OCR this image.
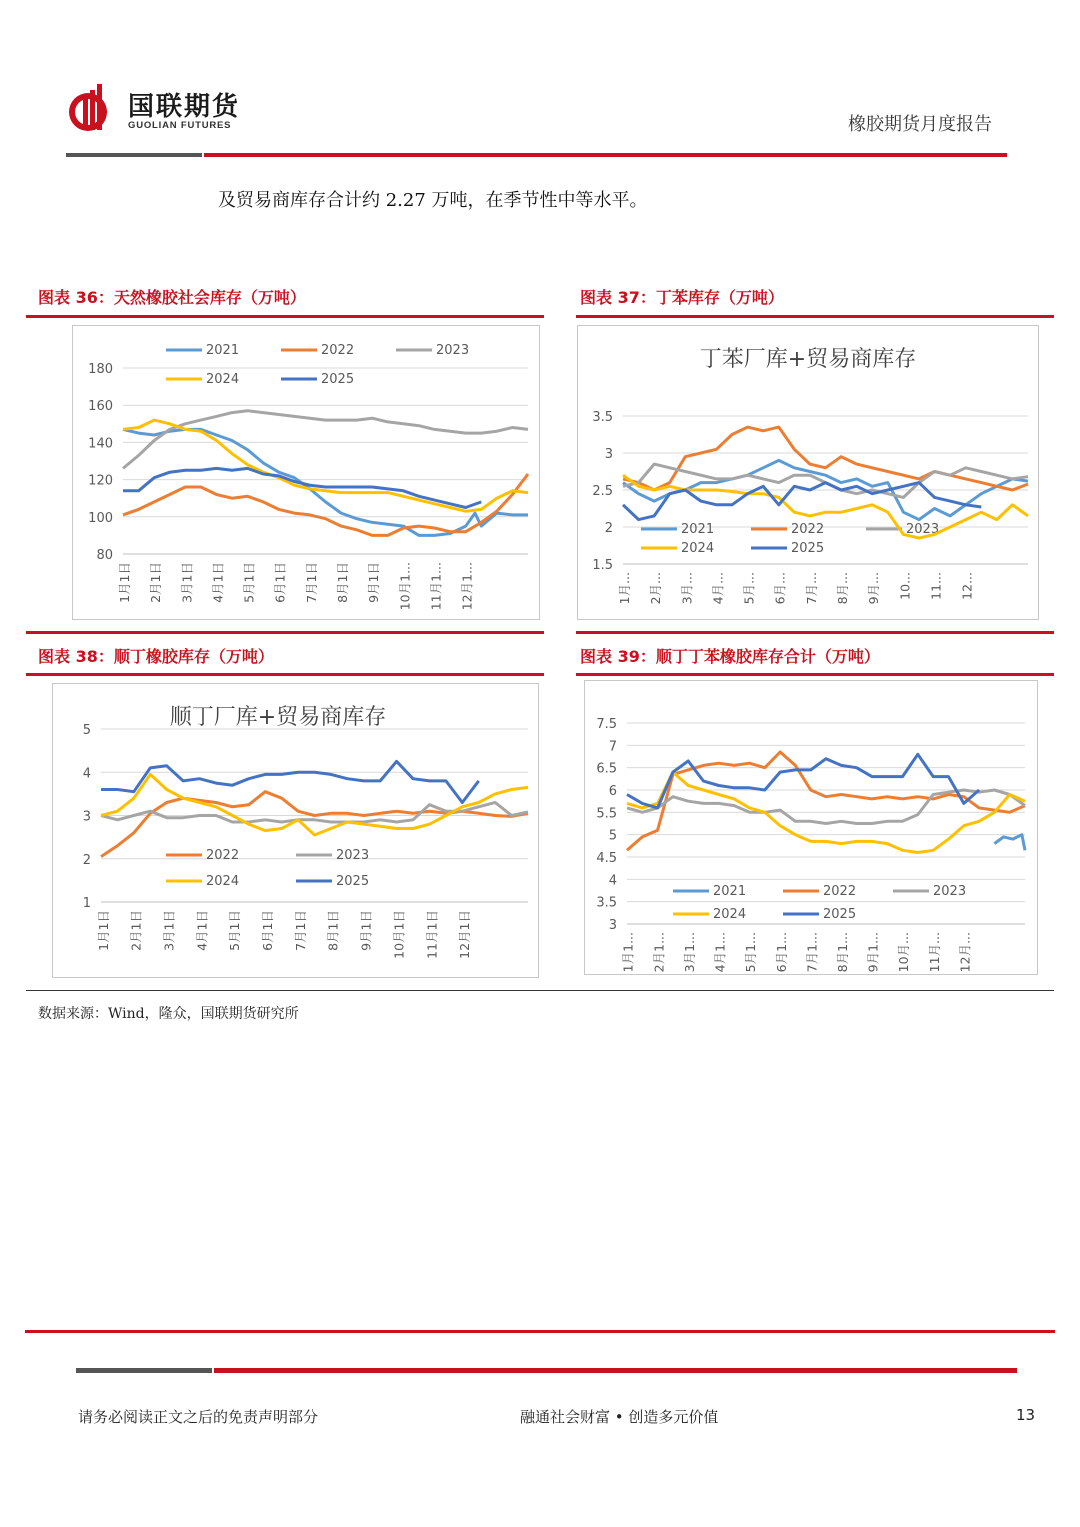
国联期货
GUOLIAN FUTURES	橡胶期货月度报告
及贸易商库存合计约 2.27 万吨，在季节性中等水平。
图表 36：天然橡胶社会库存（万吨）	图表 37：丁苯库存（万吨）
图表 38：顺丁橡胶库存（万吨）	图表 39：顺丁丁苯橡胶库存合计（万吨）
80
100
120
140
160
180
1月1日 2月1日 3月1日 4月1日 5月1日 6月1日 7月1日 8月1日 9月1日 10月1... 11月1... 12月1...
2021	2022	2023
2024	2025
1.5
2
2.5
3
3.5
1月... 2月... 3月... 4月... 5月... 6月... 7月... 8月... 9月... 10... 11... 12...
丁苯厂库+贸易商库存
2021	2022	2023
2024	2025
1
2
3
4
5
1月1日 2月1日 3月1日 4月1日 5月1日 6月1日 7月1日 8月1日 9月1日 10月1日 11月1日 12月1日
顺丁厂库+贸易商库存
2022	2023
2024	2025
3
3.5
4
4.5
5
5.5
6
6.5
7
7.5
1月1... 2月1... 3月1... 4月1... 5月1... 6月1... 7月1... 8月1... 9月1... 10月... 11月... 12月...
2021	2022	2023
2024	2025
数据来源：Wind，隆众，国联期货研究所
请务必阅读正文之后的免责声明部分	融通社会财富 • 创造多元价值	13
